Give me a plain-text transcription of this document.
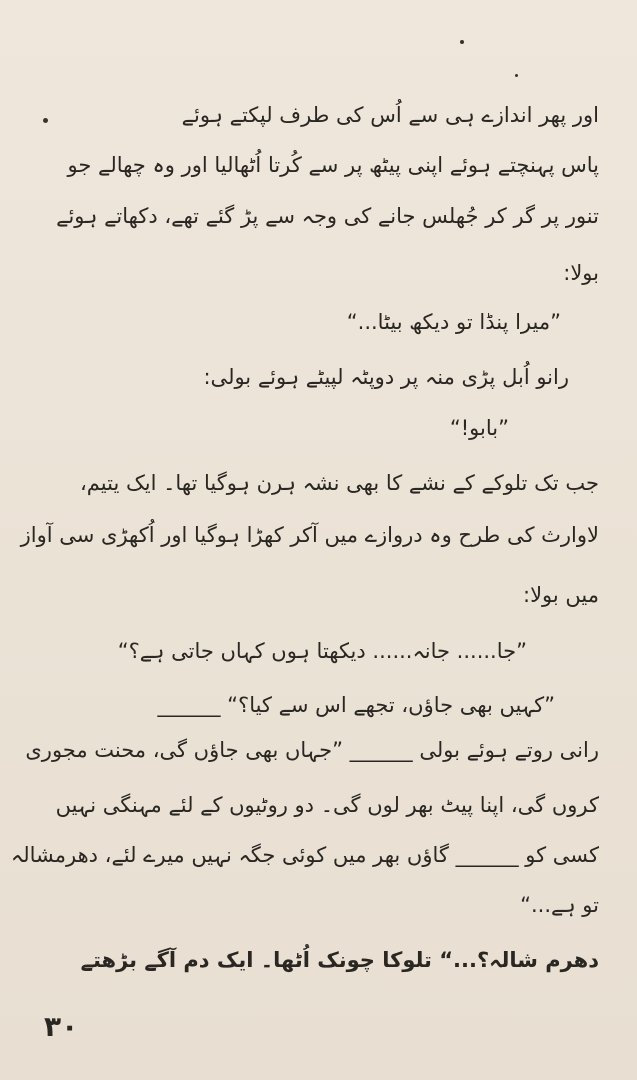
اور پھر اندازے ہی سے اُس کی طرف لپکتے ہوئے
پاس پہنچتے ہوئے اپنی پیٹھ پر سے کُرتا اُٹھالیا اور وہ چھالے جو
تنور پر گر کر جُھلس جانے کی وجہ سے پڑ گئے تھے، دکھاتے ہوئے
بولا:
”میرا پنڈا تو دیکھ بیٹا...“
رانو اُبل پڑی منہ پر دوپٹہ لپیٹے ہوئے بولی:
”بابو!“
جب تک تلوکے کے نشے کا بھی نشہ ہرن ہوگیا تھا۔ ایک یتیم،
لاوارث کی طرح وہ دروازے میں آکر کھڑا ہوگیا اور اُکھڑی سی آواز
میں بولا:
”جا...... جانہ...... دیکھتا ہوں کہاں جاتی ہے؟“
”کہیں بھی جاؤں، تجھے اس سے کیا؟“ ______
رانی روتے ہوئے بولی ______ ”جہاں بھی جاؤں گی، محنت مجوری
کروں گی، اپنا پیٹ بھر لوں گی۔ دو روٹیوں کے لئے مہنگی نہیں
کسی کو ______ گاؤں بھر میں کوئی جگہ نہیں میرے لئے، دھرمشالہ
تو ہے...“
دھرم شالہ؟...“ تلوکا چونک اُٹھا۔ ایک دم آگے بڑھتے
۳۰
